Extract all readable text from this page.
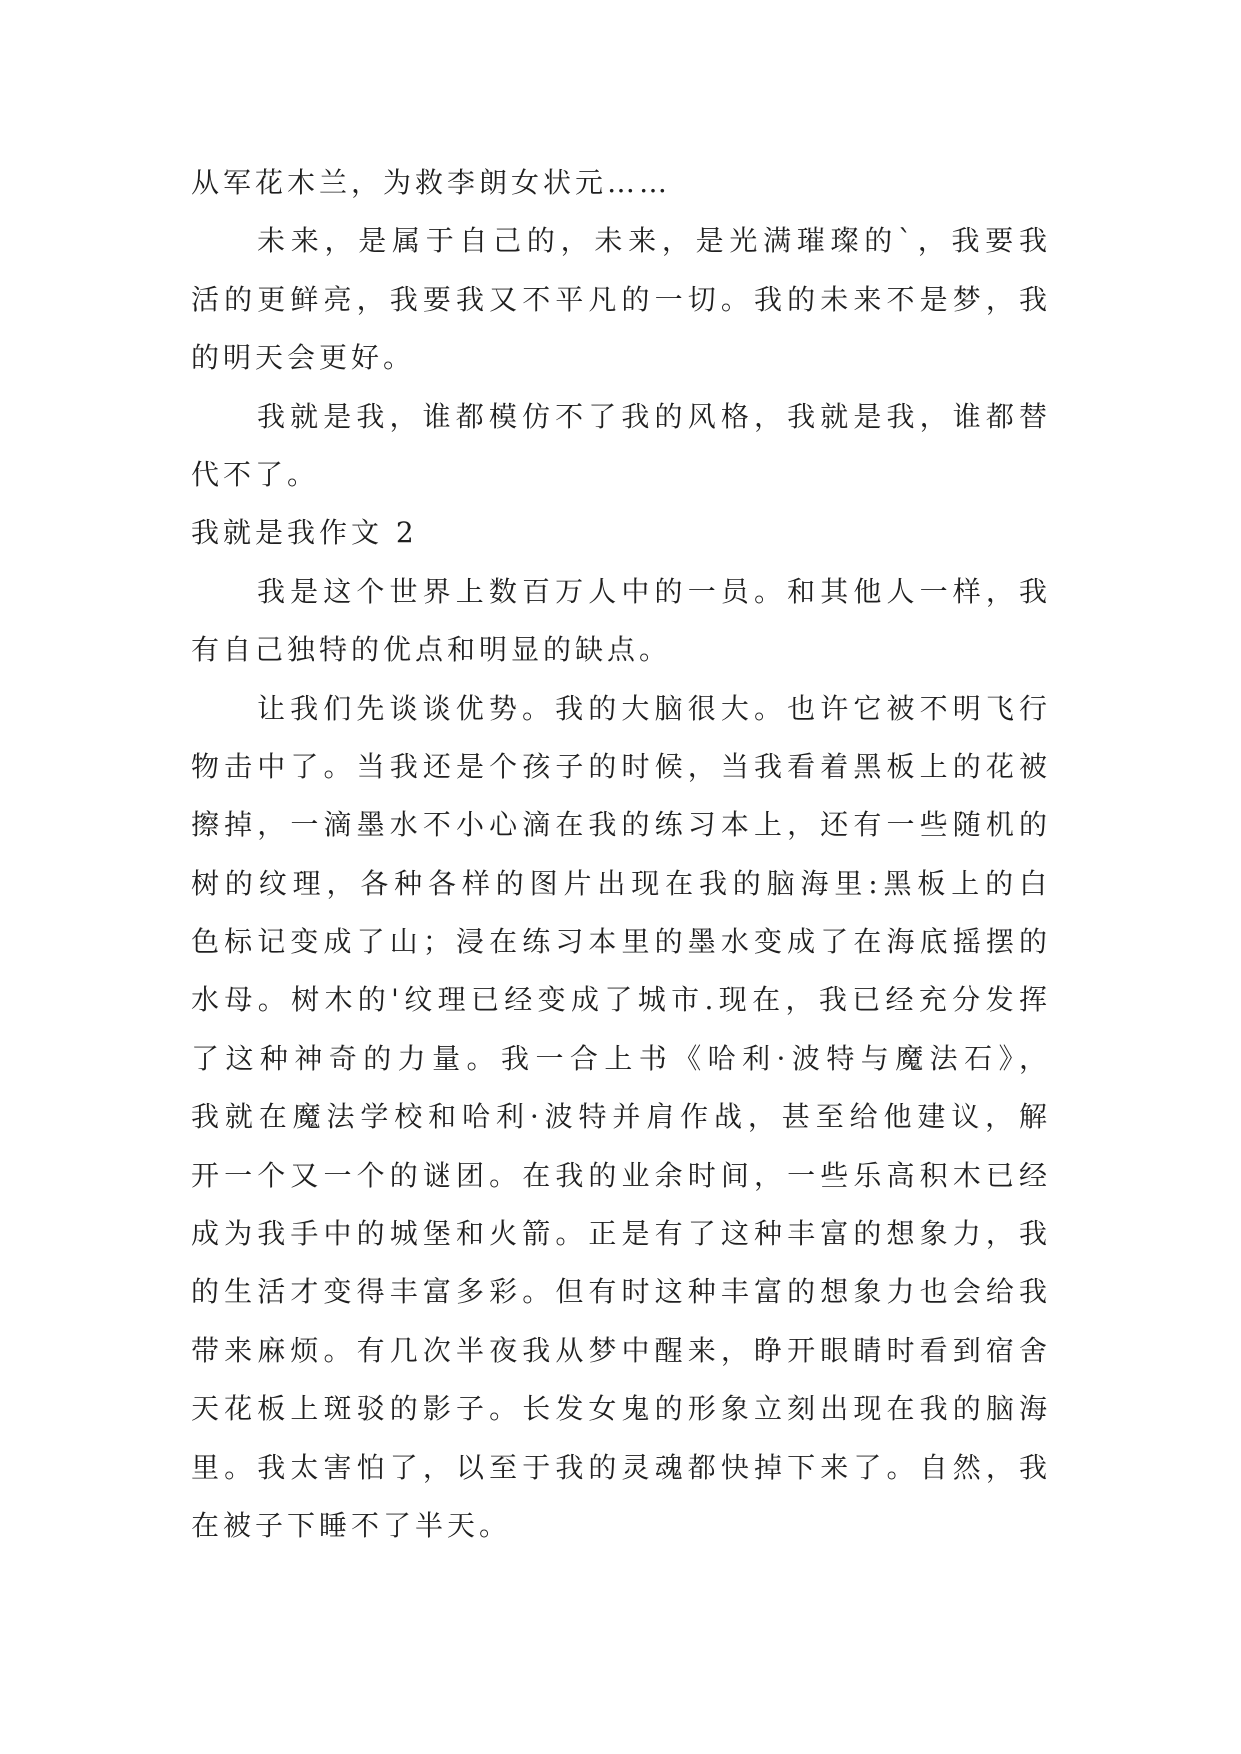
从军花木兰，为救李朗女状元……
未来，是属于自己的，未来，是光满璀璨的`，我要我
活的更鲜亮，我要我又不平凡的一切。我的未来不是梦，我
的明天会更好。
我就是我，谁都模仿不了我的风格，我就是我，谁都替
代不了。
我就是我作文 2
我是这个世界上数百万人中的一员。和其他人一样，我
有自己独特的优点和明显的缺点。
让我们先谈谈优势。我的大脑很大。也许它被不明飞行
物击中了。当我还是个孩子的时候，当我看着黑板上的花被
擦掉，一滴墨水不小心滴在我的练习本上，还有一些随机的
树的纹理，各种各样的图片出现在我的脑海里:黑板上的白
色标记变成了山；浸在练习本里的墨水变成了在海底摇摆的
水母。树木的'纹理已经变成了城市.现在，我已经充分发挥
了这种神奇的力量。我一合上书《哈利·波特与魔法石》，
我就在魔法学校和哈利·波特并肩作战，甚至给他建议，解
开一个又一个的谜团。在我的业余时间，一些乐高积木已经
成为我手中的城堡和火箭。正是有了这种丰富的想象力，我
的生活才变得丰富多彩。但有时这种丰富的想象力也会给我
带来麻烦。有几次半夜我从梦中醒来，睁开眼睛时看到宿舍
天花板上斑驳的影子。长发女鬼的形象立刻出现在我的脑海
里。我太害怕了，以至于我的灵魂都快掉下来了。自然，我
在被子下睡不了半天。
